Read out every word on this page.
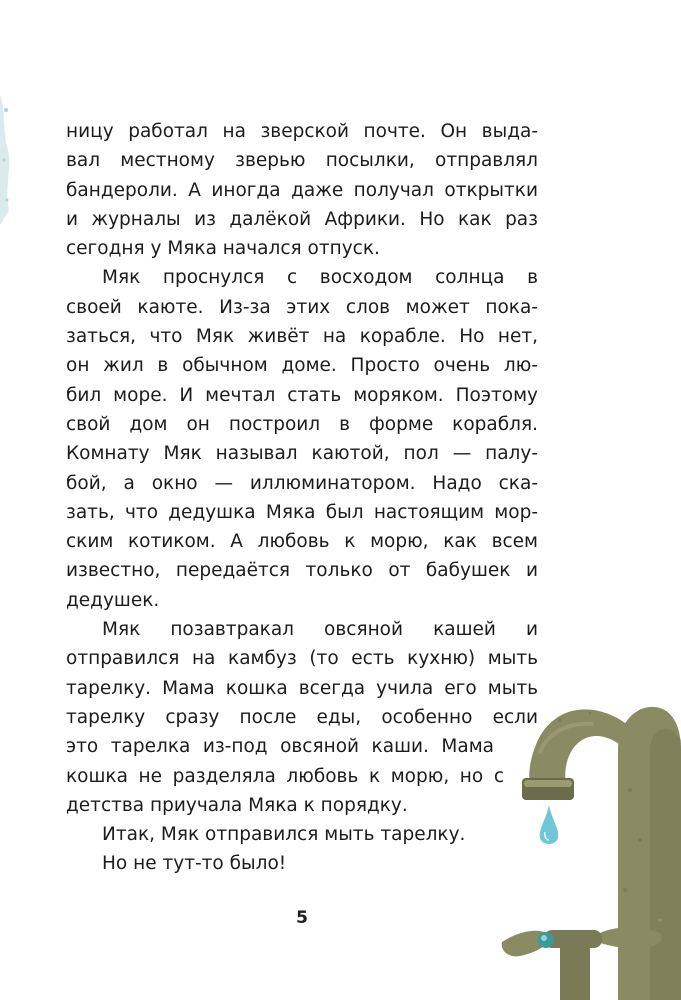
ницу работал на зверской почте. Он выда-
вал местному зверью посылки, отправлял
бандероли. А иногда даже получал открытки
и журналы из далёкой Африки. Но как раз
сегодня у Мяка начался отпуск.
Мяк проснулся с восходом солнца в
своей каюте. Из-за этих слов может пока-
заться, что Мяк живёт на корабле. Но нет,
он жил в обычном доме. Просто очень лю-
бил море. И мечтал стать моряком. Поэтому
свой дом он построил в форме корабля.
Комнату Мяк называл каютой, пол — палу-
бой, а окно — иллюминатором. Надо ска-
зать, что дедушка Мяка был настоящим мор-
ским котиком. А любовь к морю, как всем
известно, передаётся только от бабушек и
дедушек.
Мяк позавтракал овсяной кашей и
отправился на камбуз (то есть кухню) мыть
тарелку. Мама кошка всегда учила его мыть
тарелку сразу после еды, особенно если
это тарелка из-под овсяной каши. Мама
кошка не разделяла любовь к морю, но с
детства приучала Мяка к порядку.
Итак, Мяк отправился мыть тарелку.
Но не тут-то было!
5
